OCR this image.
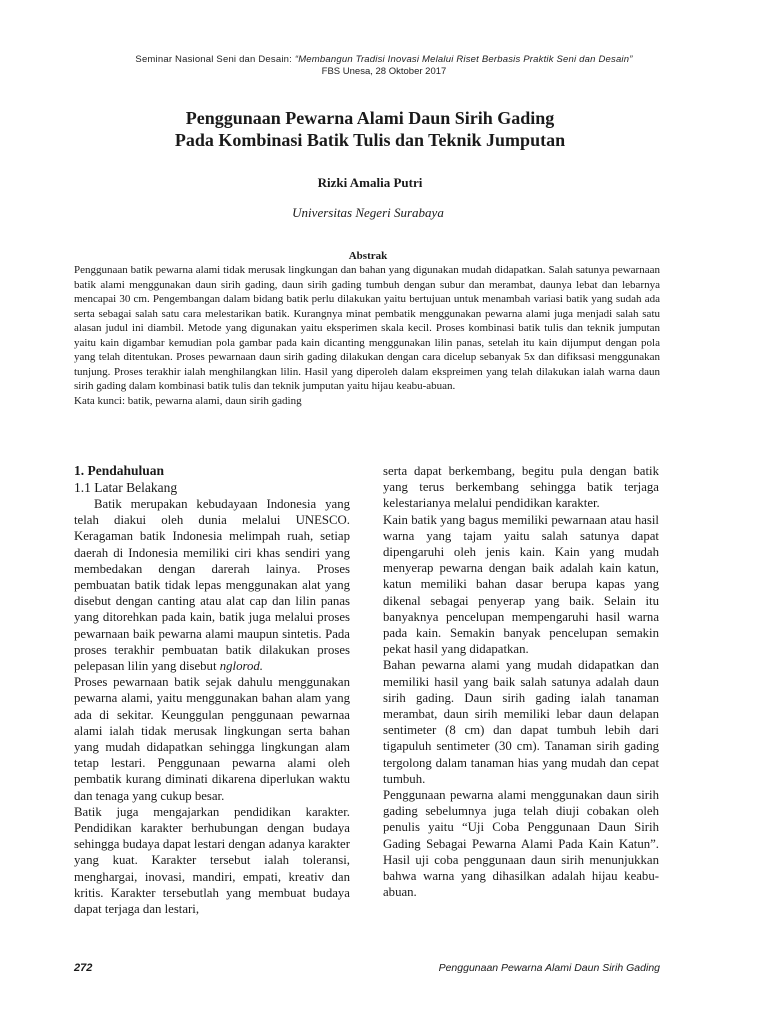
Seminar Nasional Seni dan Desain: “Membangun Tradisi Inovasi Melalui Riset Berbasis Praktik Seni dan Desain”
FBS Unesa, 28 Oktober 2017
Penggunaan Pewarna Alami Daun Sirih Gading
Pada Kombinasi Batik Tulis dan Teknik Jumputan
Rizki Amalia Putri
Universitas Negeri Surabaya
Abstrak

Penggunaan batik pewarna alami tidak merusak lingkungan dan bahan yang digunakan mudah didapatkan. Salah satunya pewarnaan batik alami menggunakan daun sirih gading, daun sirih gading tumbuh dengan subur dan merambat, daunya lebat dan lebarnya mencapai 30 cm. Pengembangan dalam bidang batik perlu dilakukan yaitu bertujuan untuk menambah variasi batik yang sudah ada serta sebagai salah satu cara melestarikan batik. Kurangnya minat pembatik menggunakan pewarna alami juga menjadi salah satu alasan judul ini diambil. Metode yang digunakan yaitu eksperimen skala kecil. Proses kombinasi batik tulis dan teknik jumputan yaitu kain digambar kemudian pola gambar pada kain dicanting menggunakan lilin panas, setelah itu kain dijumput dengan pola yang telah ditentukan. Proses pewarnaan daun sirih gading dilakukan dengan cara dicelup sebanyak 5x dan difiksasi menggunakan tunjung. Proses terakhir ialah menghilangkan lilin. Hasil yang diperoleh dalam ekspreimen yang telah dilakukan ialah warna daun sirih gading dalam kombinasi batik tulis dan teknik jumputan yaitu hijau keabu-abuan.

Kata kunci: batik, pewarna alami, daun sirih gading

1. Pendahuluan
1.1 Latar Belakang

Batik merupakan kebudayaan Indonesia yang telah diakui oleh dunia melalui UNESCO. Keragaman batik Indonesia melimpah ruah, setiap daerah di Indonesia memiliki ciri khas sendiri yang membedakan dengan darerah lainya. Proses pembuatan batik tidak lepas menggunakan alat yang disebut dengan canting atau alat cap dan lilin panas yang ditorehkan pada kain, batik juga melalui proses pewarnaan baik pewarna alami maupun sintetis. Pada proses terakhir pembuatan batik dilakukan proses pelepasan lilin yang disebut nglorod.

Proses pewarnaan batik sejak dahulu menggunakan pewarna alami, yaitu menggunakan bahan alam yang ada di sekitar. Keunggulan penggunaan pewarnaa alami ialah tidak merusak lingkungan serta bahan yang mudah didapatkan sehingga lingkungan alam tetap lestari. Penggunaan pewarna alami oleh pembatik kurang diminati dikarena diperlukan waktu dan tenaga yang cukup besar.

Batik juga mengajarkan pendidikan karakter. Pendidikan karakter berhubungan dengan budaya sehingga budaya dapat lestari dengan adanya karakter yang kuat. Karakter tersebut ialah toleransi, menghargai, inovasi, mandiri, empati, kreativ dan kritis. Karakter tersebutlah yang membuat budaya dapat terjaga dan lestari,

serta dapat berkembang, begitu pula dengan batik yang terus berkembang sehingga batik terjaga kelestarianya melalui pendidikan karakter.

Kain batik yang bagus memiliki pewarnaan atau hasil warna yang tajam yaitu salah satunya dapat dipengaruhi oleh jenis kain. Kain yang mudah menyerap pewarna dengan baik adalah kain katun, katun memiliki bahan dasar berupa kapas yang dikenal sebagai penyerap yang baik. Selain itu banyaknya pencelupan mempengaruhi hasil warna pada kain. Semakin banyak pencelupan semakin pekat hasil yang didapatkan.

Bahan pewarna alami yang mudah didapatkan dan memiliki hasil yang baik salah satunya adalah daun sirih gading. Daun sirih gading ialah tanaman merambat, daun sirih memiliki lebar daun delapan sentimeter (8 cm) dan dapat tumbuh lebih dari tigapuluh sentimeter (30 cm). Tanaman sirih gading tergolong dalam tanaman hias yang mudah dan cepat tumbuh.

Penggunaan pewarna alami menggunakan daun sirih gading sebelumnya juga telah diuji cobakan oleh penulis yaitu “Uji Coba Penggunaan Daun Sirih Gading Sebagai Pewarna Alami Pada Kain Katun”. Hasil uji coba penggunaan daun sirih menunjukkan bahwa warna yang dihasilkan adalah hijau keabu-abuan.

272	Penggunaan Pewarna Alami Daun Sirih Gading
